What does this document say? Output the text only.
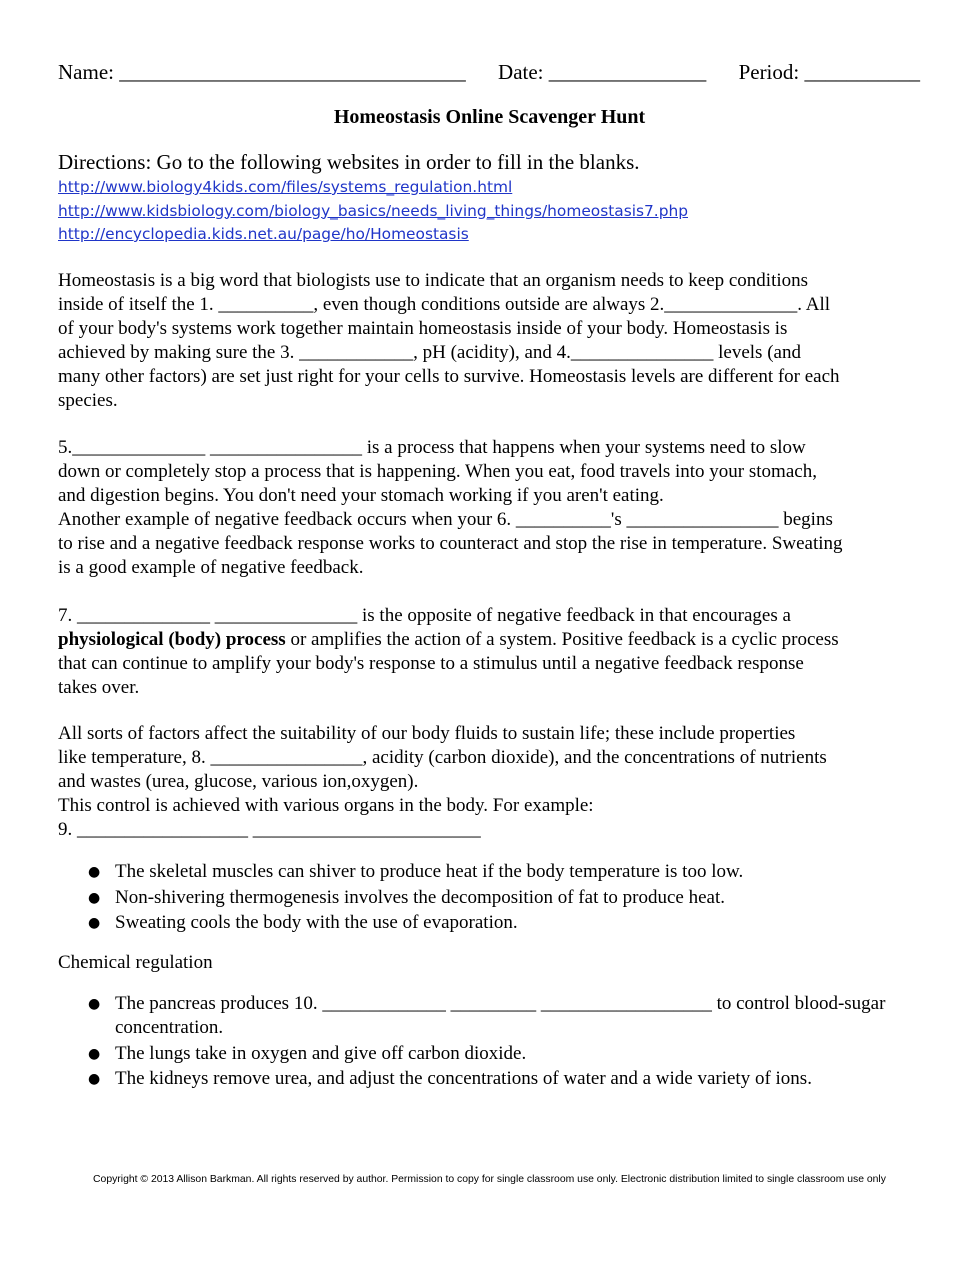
Name: _________________________________ Date: _______________ Period: ___________
Homeostasis Online Scavenger Hunt
Directions: Go to the following websites in order to fill in the blanks.
http://www.biology4kids.com/files/systems_regulation.html
http://www.kidsbiology.com/biology_basics/needs_living_things/homeostasis7.php
http://encyclopedia.kids.net.au/page/ho/Homeostasis

Homeostasis is a big word that biologists use to indicate that an organism needs to keep conditions
inside of itself the 1. __________, even though conditions outside are always 2.______________. All
of your body's systems work together maintain homeostasis inside of your body. Homeostasis is
achieved by making sure the 3. ____________, pH (acidity), and 4._______________ levels (and
many other factors) are set just right for your cells to survive. Homeostasis levels are different for each
species.

5.______________ ________________ is a process that happens when your systems need to slow
down or completely stop a process that is happening. When you eat, food travels into your stomach,
and digestion begins. You don't need your stomach working if you aren't eating.
Another example of negative feedback occurs when your 6. __________'s ________________ begins
to rise and a negative feedback response works to counteract and stop the rise in temperature. Sweating
is a good example of negative feedback.

7. ______________ _______________ is the opposite of negative feedback in that encourages a
physiological (body) process or amplifies the action of a system. Positive feedback is a cyclic process
that can continue to amplify your body's response to a stimulus until a negative feedback response
takes over.

All sorts of factors affect the suitability of our body fluids to sustain life; these include properties
like temperature, 8. ________________, acidity (carbon dioxide), and the concentrations of nutrients
and wastes (urea, glucose, various ion,oxygen).
This control is achieved with various organs in the body. For example:
9. __________________ ________________________

● The skeletal muscles can shiver to produce heat if the body temperature is too low.
● Non-shivering thermogenesis involves the decomposition of fat to produce heat.
● Sweating cools the body with the use of evaporation.
Chemical regulation
● The pancreas produces 10. _____________ _________ __________________ to control blood-sugar concentration.
● The lungs take in oxygen and give off carbon dioxide.
● The kidneys remove urea, and adjust the concentrations of water and a wide variety of ions.
Copyright © 2013 Allison Barkman. All rights reserved by author. Permission to copy for single classroom use only. Electronic distribution limited to single classroom use only
